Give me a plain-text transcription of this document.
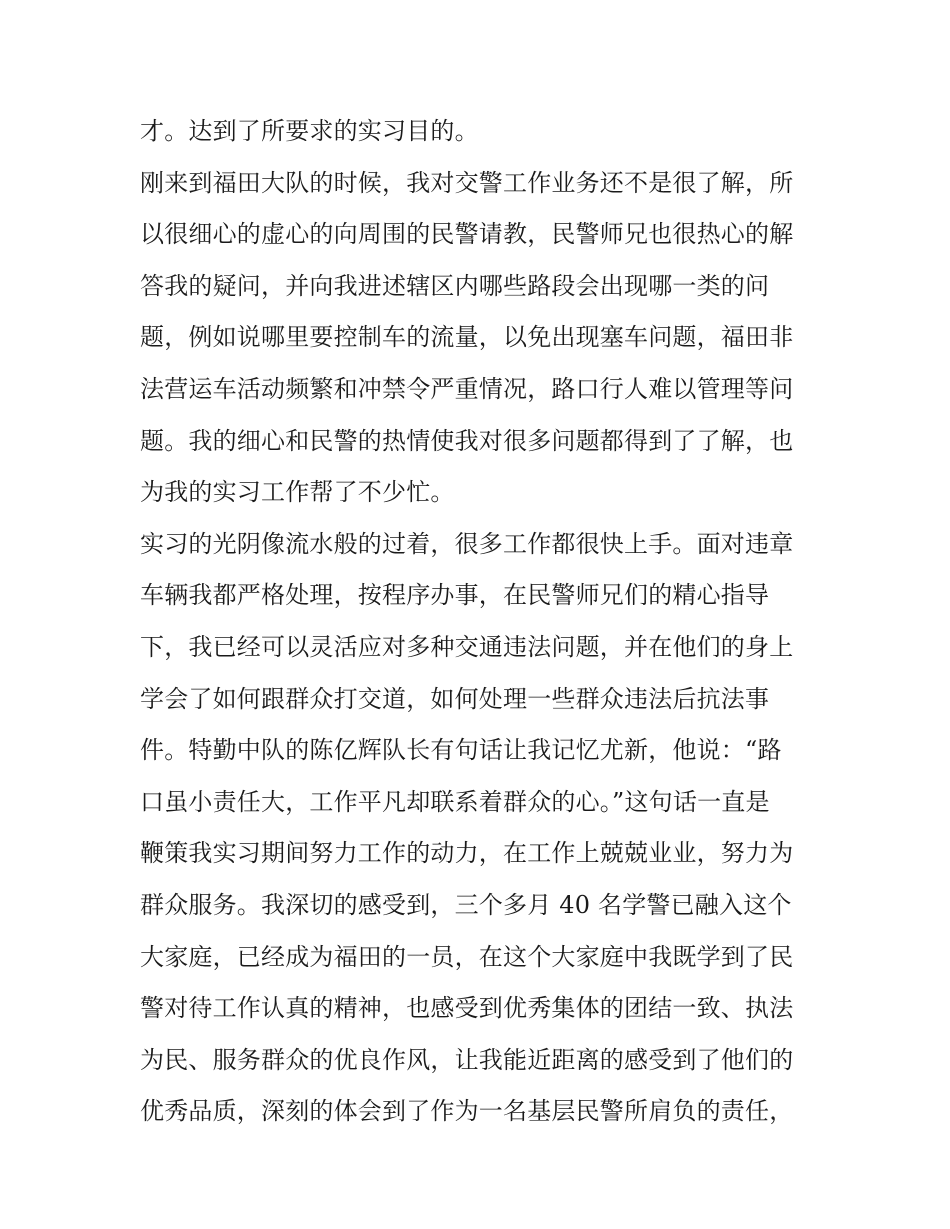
才。达到了所要求的实习目的。
刚来到福田大队的时候，我对交警工作业务还不是很了解，所
以很细心的虚心的向周围的民警请教，民警师兄也很热心的解
答我的疑问，并向我进述辖区内哪些路段会出现哪一类的问
题，例如说哪里要控制车的流量，以免出现塞车问题，福田非
法营运车活动频繁和冲禁令严重情况，路口行人难以管理等问
题。我的细心和民警的热情使我对很多问题都得到了了解，也
为我的实习工作帮了不少忙。
实习的光阴像流水般的过着，很多工作都很快上手。面对违章
车辆我都严格处理，按程序办事，在民警师兄们的精心指导
下，我已经可以灵活应对多种交通违法问题，并在他们的身上
学会了如何跟群众打交道，如何处理一些群众违法后抗法事
件。特勤中队的陈亿辉队长有句话让我记忆尤新，他说：“路
口虽小责任大，工作平凡却联系着群众的心。”这句话一直是
鞭策我实习期间努力工作的动力，在工作上兢兢业业，努力为
群众服务。我深切的感受到，三个多月 40 名学警已融入这个
大家庭，已经成为福田的一员，在这个大家庭中我既学到了民
警对待工作认真的精神，也感受到优秀集体的团结一致、执法
为民、服务群众的优良作风，让我能近距离的感受到了他们的
优秀品质，深刻的体会到了作为一名基层民警所肩负的责任，
